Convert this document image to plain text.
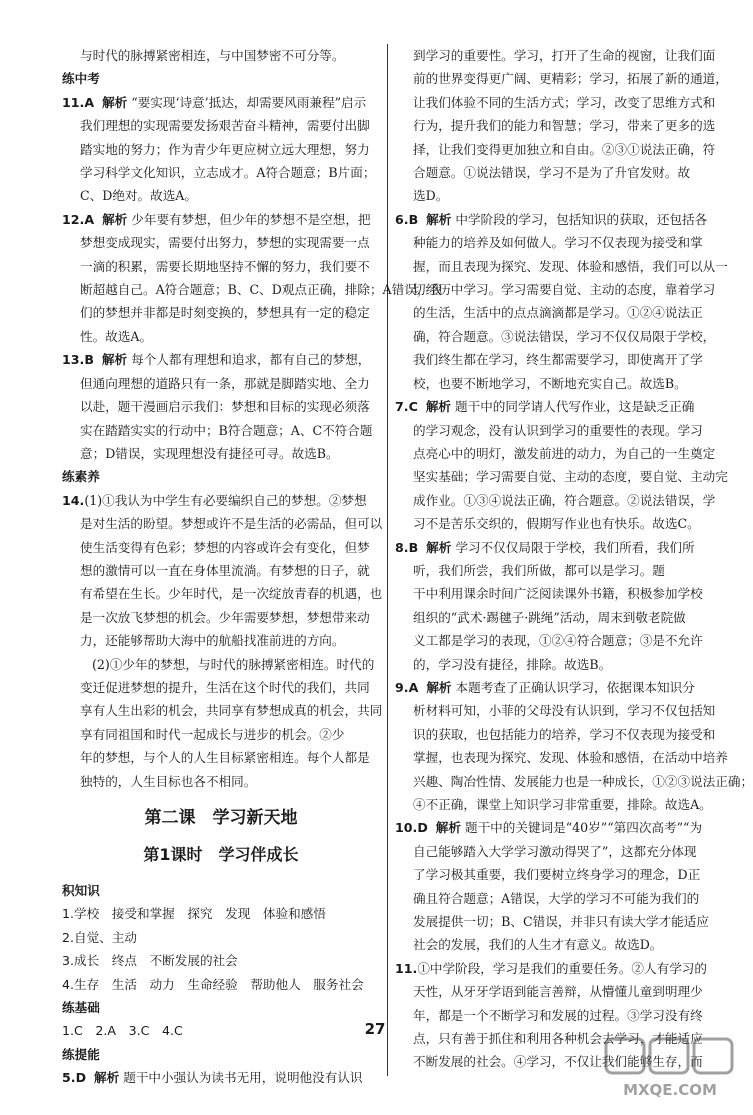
与时代的脉搏紧密相连，与中国梦密不可分等。
练中考
11.A 解析 “要实现‘诗意’抵达，却需要风雨兼程”启示
我们理想的实现需要发扬艰苦奋斗精神，需要付出脚
踏实地的努力；作为青少年更应树立远大理想，努力
学习科学文化知识，立志成才。A符合题意；B片面；
C、D绝对。故选A。
12.A 解析 少年要有梦想，但少年的梦想不是空想，把
梦想变成现实，需要付出努力，梦想的实现需要一点
一滴的积累，需要长期地坚持不懈的努力，我们要不
断超越自己。A符合题意；B、C、D观点正确，排除；A错误，我
们的梦想并非都是时刻变换的，梦想具有一定的稳定
性。故选A。
13.B 解析 每个人都有理想和追求，都有自己的梦想，
但通向理想的道路只有一条，那就是脚踏实地、全力
以赴，题干漫画启示我们：梦想和目标的实现必须落
实在踏踏实实的行动中；B符合题意；A、C不符合题
意；D错误，实现理想没有捷径可寻。故选B。
练素养
14.(1)①我认为中学生有必要编织自己的梦想。②梦想
是对生活的盼望。梦想或许不是生活的必需品，但可以
使生活变得有色彩；梦想的内容或许会有变化，但梦
想的激情可以一直在身体里流淌。有梦想的日子，就
有希望在生长。少年时代，是一次绽放青春的机遇，也
是一次放飞梦想的机会。少年需要梦想，梦想带来动
力，还能够帮助大海中的航船找准前进的方向。
(2)①少年的梦想，与时代的脉搏紧密相连。时代的
变迁促进梦想的提升，生活在这个时代的我们，共同
享有人生出彩的机会，共同享有梦想成真的机会，共同
享有同祖国和时代一起成长与进步的机会。②少
年的梦想，与个人的人生目标紧密相连。每个人都是
独特的，人生目标也各不相同。
第二课　学习新天地
第1课时　学习伴成长
积知识
1.学校　接受和掌握　探究　发现　体验和感悟
2.自觉、主动
3.成长　终点　不断发展的社会
4.生存　生活　动力　生命经验　帮助他人　服务社会
练基础
1.C　2.A　3.C　4.C
练提能
5.D 解析 题干中小强认为读书无用，说明他没有认识
到学习的重要性。学习，打开了生命的视窗，让我们面
前的世界变得更广阔、更精彩；学习，拓展了新的通道，
让我们体验不同的生活方式；学习，改变了思维方式和
行为，提升我们的能力和智慧；学习，带来了更多的选
择，让我们变得更加独立和自由。②③①说法正确，符
合题意。①说法错误，学习不是为了升官发财。故
选D。
6.B 解析 中学阶段的学习，包括知识的获取，还包括各
种能力的培养及如何做人。学习不仅表现为接受和掌
握，而且表现为探究、发现、体验和感悟，我们可以从一
切经历中学习。学习需要自觉、主动的态度，靠着学习
的生活，生活中的点点滴滴都是学习。①②④说法正
确，符合题意。③说法错误，学习不仅仅局限于学校，
我们终生都在学习，终生都需要学习，即使离开了学
校，也要不断地学习，不断地充实自己。故选B。
7.C 解析 题干中的同学请人代写作业，这是缺乏正确
的学习观念，没有认识到学习的重要性的表现。学习
点亮心中的明灯，激发前进的动力，为自己的一生奠定
坚实基础；学习需要自觉、主动的态度，要自觉、主动完
成作业。①③④说法正确，符合题意。②说法错误，学
习不是苦乐交织的，假期写作业也有快乐。故选C。
8.B 解析 学习不仅仅局限于学校，我们所看，我们所
听，我们所尝，我们所做，都可以是学习。题
干中利用课余时间广泛阅读课外书籍，积极参加学校
组织的“武术·踢毽子·跳绳”活动，周末到敬老院做
义工都是学习的表现，①②④符合题意；③是不允许
的，学习没有捷径，排除。故选B。
9.A 解析 本题考查了正确认识学习，依据课本知识分
析材料可知，小菲的父母没有认识到，学习不仅包括知
识的获取，也包括能力的培养，学习不仅表现为接受和
掌握，也表现为探究、发现、体验和感悟，在活动中培养
兴趣、陶冶性情、发展能力也是一种成长，①②③说法正确；
④不正确，课堂上知识学习非常重要，排除。故选A。
10.D 解析 题干中的关键词是“40岁”“第四次高考”“为
自己能够踏入大学学习激动得哭了”，这都充分体现
了学习极其重要，我们要树立终身学习的理念，D正
确且符合题意；A错误，大学的学习不可能为我们的
发展提供一切；B、C错误，并非只有读大学才能适应
社会的发展，我们的人生才有意义。故选D。
11.①中学阶段，学习是我们的重要任务。②人有学习的
天性，从牙牙学语到能言善辩，从懵懂儿童到明理少
年，都是一个不断学习和发展的过程。③学习没有终
点，只有善于抓住和利用各种机会去学习，才能适应
不断发展的社会。④学习，不仅让我们能够生存，而
27
MXQE.COM
